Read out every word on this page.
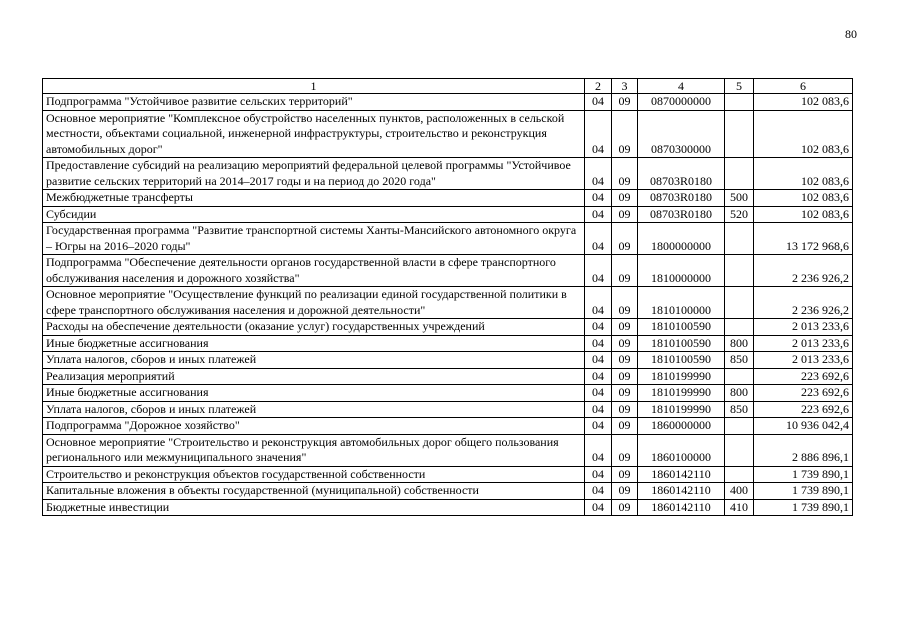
80
1	2	3	4	5	6
Подпрограмма "Устойчивое развитие сельских территорий"	04	09	0870000000		102 083,6
Основное мероприятие "Комплексное обустройство населенных пунктов, расположенных в сельской местности, объектами социальной, инженерной инфраструктуры, строительство и реконструкция автомобильных дорог"	04	09	0870300000		102 083,6
Предоставление субсидий на реализацию мероприятий федеральной целевой программы "Устойчивое развитие сельских территорий на 2014–2017 годы и на период до 2020 года"	04	09	08703R0180		102 083,6
Межбюджетные трансферты	04	09	08703R0180	500	102 083,6
Субсидии	04	09	08703R0180	520	102 083,6
Государственная программа "Развитие транспортной системы Ханты-Мансийского автономного округа – Югры на 2016–2020 годы"	04	09	1800000000		13 172 968,6
Подпрограмма "Обеспечение деятельности органов государственной власти в сфере транспортного обслуживания населения и дорожного хозяйства"	04	09	1810000000		2 236 926,2
Основное мероприятие "Осуществление функций по реализации единой государственной политики в сфере транспортного обслуживания населения и дорожной деятельности"	04	09	1810100000		2 236 926,2
Расходы на обеспечение деятельности (оказание услуг) государственных учреждений	04	09	1810100590		2 013 233,6
Иные бюджетные ассигнования	04	09	1810100590	800	2 013 233,6
Уплата налогов, сборов и иных платежей	04	09	1810100590	850	2 013 233,6
Реализация мероприятий	04	09	1810199990		223 692,6
Иные бюджетные ассигнования	04	09	1810199990	800	223 692,6
Уплата налогов, сборов и иных платежей	04	09	1810199990	850	223 692,6
Подпрограмма "Дорожное хозяйство"	04	09	1860000000		10 936 042,4
Основное мероприятие "Строительство и реконструкция автомобильных дорог общего пользования регионального или межмуниципального значения"	04	09	1860100000		2 886 896,1
Строительство и реконструкция объектов государственной собственности	04	09	1860142110		1 739 890,1
Капитальные вложения в объекты государственной (муниципальной) собственности	04	09	1860142110	400	1 739 890,1
Бюджетные инвестиции	04	09	1860142110	410	1 739 890,1
